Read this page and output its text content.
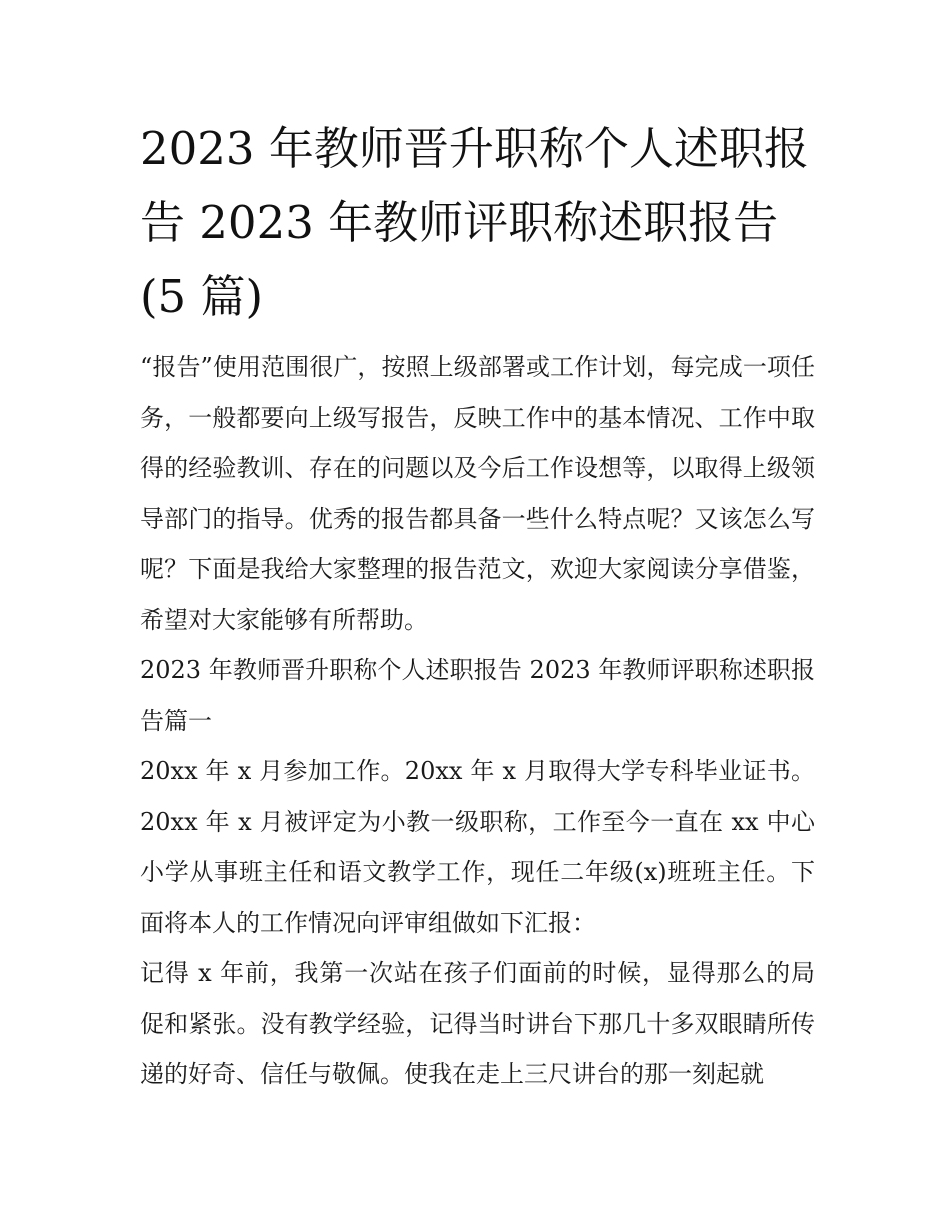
2023 年教师晋升职称个人述职报告 2023 年教师评职称述职报告(5 篇)

“报告”使用范围很广，按照上级部署或工作计划，每完成一项任务，一般都要向上级写报告，反映工作中的基本情况、工作中取得的经验教训、存在的问题以及今后工作设想等，以取得上级领导部门的指导。优秀的报告都具备一些什么特点呢？又该怎么写呢？下面是我给大家整理的报告范文，欢迎大家阅读分享借鉴，希望对大家能够有所帮助。

2023 年教师晋升职称个人述职报告 2023 年教师评职称述职报告篇一

20xx 年 x 月参加工作。20xx 年 x 月取得大学专科毕业证书。20xx 年 x 月被评定为小教一级职称，工作至今一直在 xx 中心小学从事班主任和语文教学工作，现任二年级(x)班班主任。下面将本人的工作情况向评审组做如下汇报：

记得 x 年前，我第一次站在孩子们面前的时候，显得那么的局促和紧张。没有教学经验，记得当时讲台下那几十多双眼睛所传递的好奇、信任与敬佩。使我在走上三尺讲台的那一刻起就
